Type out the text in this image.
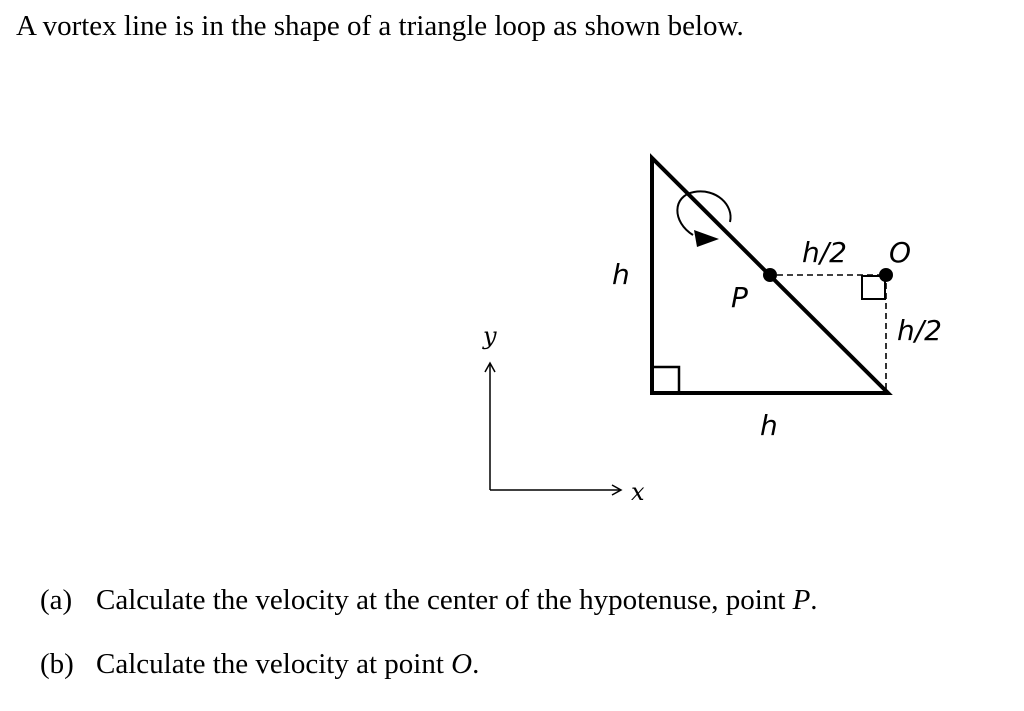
A vortex line is in the shape of a triangle loop as shown below.

h
h
P
O
h/2
h/2
y
x

(a) Calculate the velocity at the center of the hypotenuse, point P.

(b) Calculate the velocity at point O.
